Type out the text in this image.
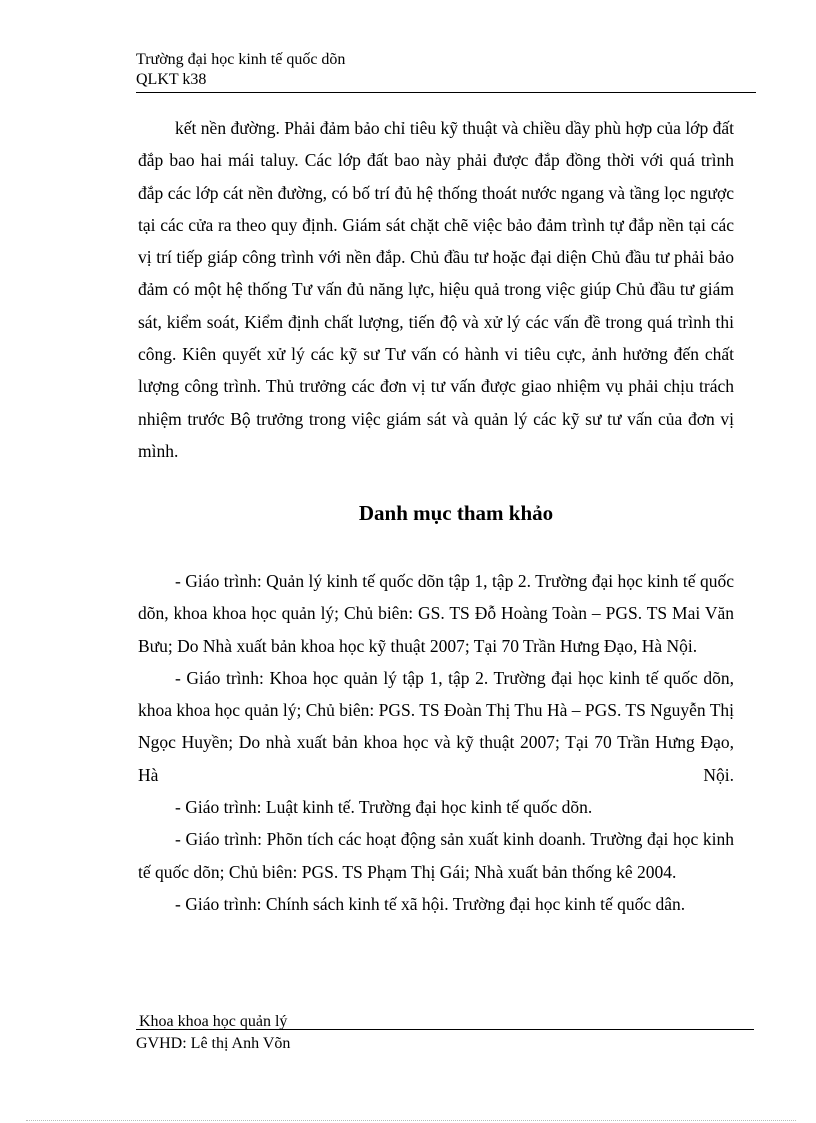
Trường đại học kinh tế quốc dõn
QLKT k38

kết nền đường. Phải đảm bảo chỉ tiêu kỹ thuật và chiều dầy phù hợp của lớp đất đắp bao hai mái taluy. Các lớp đất bao này phải được đắp đồng thời với quá trình đắp các lớp cát nền đường, có bố trí đủ hệ thống thoát nước ngang và tầng lọc ngược tại các cửa ra theo quy định. Giám sát chặt chẽ việc bảo đảm trình tự đắp nền tại các vị trí tiếp giáp công trình với nền đắp. Chủ đầu tư hoặc đại diện Chủ đầu tư phải bảo đảm có một hệ thống Tư vấn đủ năng lực, hiệu quả trong việc giúp Chủ đầu tư giám sát, kiểm soát, Kiểm định chất lượng, tiến độ và xử lý các vấn đề trong quá trình thi công. Kiên quyết xử lý các kỹ sư Tư vấn có hành vi tiêu cực, ảnh hưởng đến chất lượng công trình. Thủ trưởng các đơn vị tư vấn được giao nhiệm vụ phải chịu trách nhiệm trước Bộ trưởng trong việc giám sát và quản lý các kỹ sư tư vấn của đơn vị mình.

Danh mục tham khảo

- Giáo trình: Quản lý kinh tế quốc dõn tập 1, tập 2. Trường đại học kinh tế quốc dõn, khoa khoa học quản lý; Chủ biên: GS. TS Đỗ Hoàng Toàn – PGS. TS Mai Văn Bưu; Do Nhà xuất bản khoa học kỹ thuật 2007; Tại 70 Trần Hưng Đạo, Hà Nội.

- Giáo trình: Khoa học quản lý tập 1, tập 2. Trường đại học kinh tế quốc dõn, khoa khoa học quản lý; Chủ biên: PGS. TS Đoàn Thị Thu Hà – PGS. TS Nguyễn Thị Ngọc Huyền; Do nhà xuất bản khoa học và kỹ thuật 2007; Tại 70 Trần Hưng Đạo, Hà Nội.

- Giáo trình: Luật kinh tế. Trường đại học kinh tế quốc dõn.

- Giáo trình: Phõn tích các hoạt động sản xuất kinh doanh. Trường đại học kinh tế quốc dõn; Chủ biên: PGS. TS Phạm Thị Gái; Nhà xuất bản thống kê 2004.

- Giáo trình: Chính sách kinh tế xã hội. Trường đại học kinh tế quốc dân.

Khoa khoa học quản lý
GVHD: Lê thị Anh Võn
